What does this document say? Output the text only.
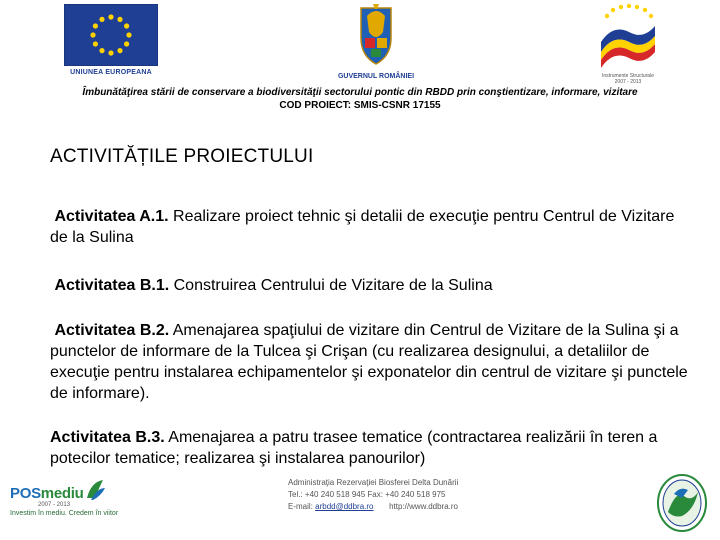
UNIUNEA EUROPEANA
GUVERNUL ROMÂNIEI	Instrumente Structurale
2007 - 2013
Îmbunătăţirea stării de conservare a biodiversităţii sectorului pontic din RBDD prin conştientizare, informare, vizitare
COD PROIECT: SMIS-CSNR 17155
ACTIVITĂȚILE PROIECTULUI
Activitatea A.1. Realizare proiect tehnic şi detalii de execuţie pentru Centrul de Vizitare de la Sulina
Activitatea B.1. Construirea Centrului de Vizitare de la Sulina
Activitatea B.2. Amenajarea spaţiului de vizitare din Centrul de Vizitare de la Sulina şi a punctelor de informare de la Tulcea şi Crişan (cu realizarea designului, a detaliilor de execuţie pentru instalarea echipamentelor şi exponatelor din centrul de vizitare şi punctele de informare).
Activitatea B.3. Amenajarea a patru trasee tematice (contractarea realizării în teren a potecilor tematice; realizarea şi instalarea panourilor)
POSmediu
2007 - 2013
Investim în mediu. Credem în viitor
Administraţia Rezervaţiei Biosferei Delta Dunării
Tel.: +40 240 518 945 Fax: +40 240 518 975
E-mail: arbdd@ddbra.ro http://www.ddbra.ro
